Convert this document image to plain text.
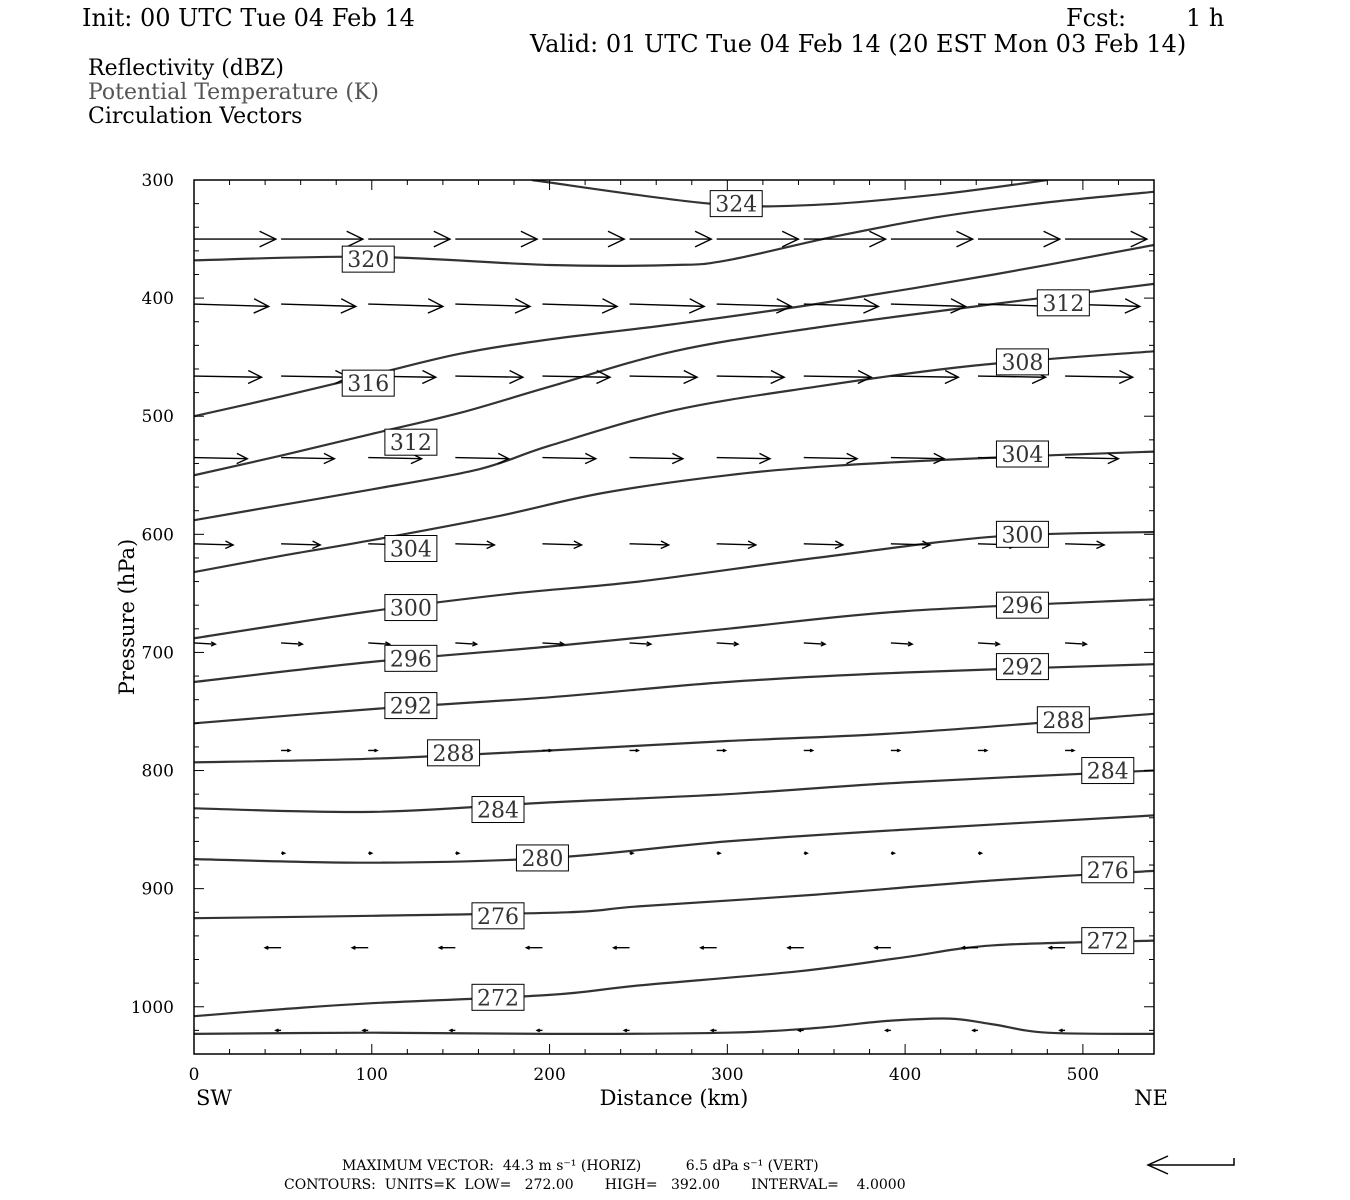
Init: 00 UTC Tue 04 Feb 14	Fcst: 1 h
Valid: 01 UTC Tue 04 Feb 14 (20 EST Mon 03 Feb 14)
Reflectivity (dBZ)
Potential Temperature (K)
Circulation Vectors
324
320
316
312
312
308
304
304
300
300
296
296
292
292
288
288
284
284
280
276
276
272
272
0	100	200	300	400	500
300
400
500
600
700
800
900
1000
Distance (km)
Pressure (hPa)
SW	NE
MAXIMUM VECTOR:  44.3 m s⁻¹ (HORIZ)          6.5 dPa s⁻¹ (VERT)
CONTOURS:  UNITS=K  LOW=   272.00       HIGH=   392.00       INTERVAL=    4.0000
